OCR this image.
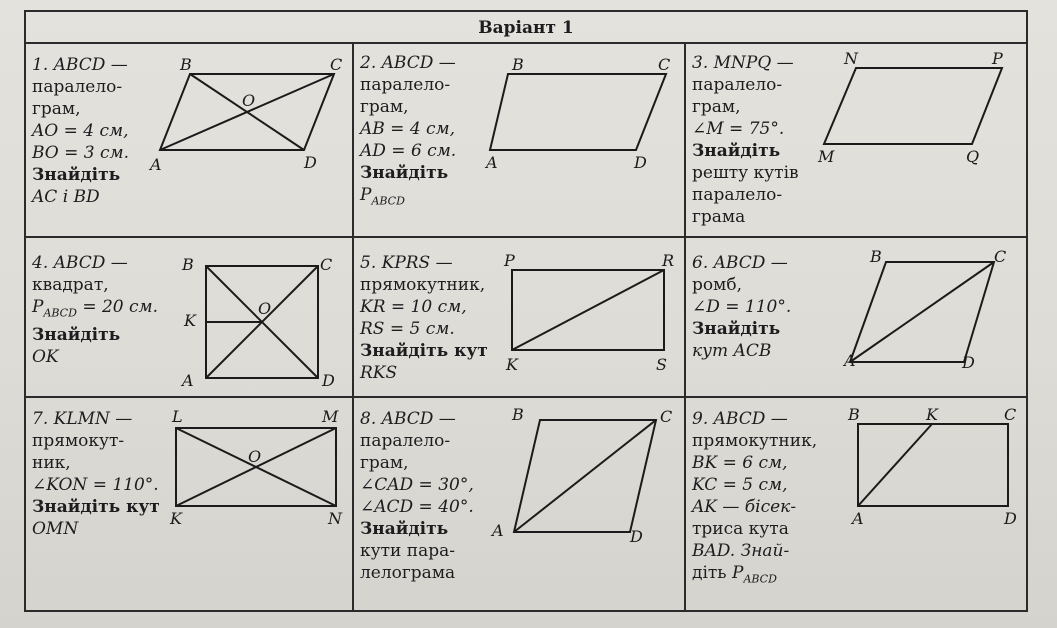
Варіант 1
1. ABCD —
паралело-
грам,
AO = 4 см,
BO = 3 см.
Знайдіть
AC і BD
A
B	C
D
O
2. ABCD —
паралело-
грам,
AB = 4 см,
AD = 6 см.
Знайдіть
$P_{ABCD}$
A
B	C
D
3. MNPQ —
паралело-
грам,
∠M = 75°.
Знайдіть
решту кутів
паралело-
грама
M
N	P
Q
4. ABCD —
квадрат,
$P_{ABCD} = 20$ см.
Знайдіть
OK
B	C
A	D
K
O
5. KPRS —
прямокутник,
KR = 10 см,
RS = 5 см.
Знайдіть кут
RKS
P	R
K	S
6. ABCD —
ромб,
∠D = 110°.
Знайдіть
кут ACB	A
B	C
D
7. KLMN —
прямокут-
ник,
∠KON = 110°.
Знайдіть кут
OMN
L	M
K	N
O
8. ABCD —
паралело-
грам,
∠CAD = 30°,
∠ACD = 40°.
Знайдіть
кути пара-
лелограма
B	C
A	D
9. ABCD —
прямокутник,
BK = 6 см,
KC = 5 см,
AK — бісек-
триса кута
BAD. Знай-
діть $P_{ABCD}$
B	K	C
A	D
